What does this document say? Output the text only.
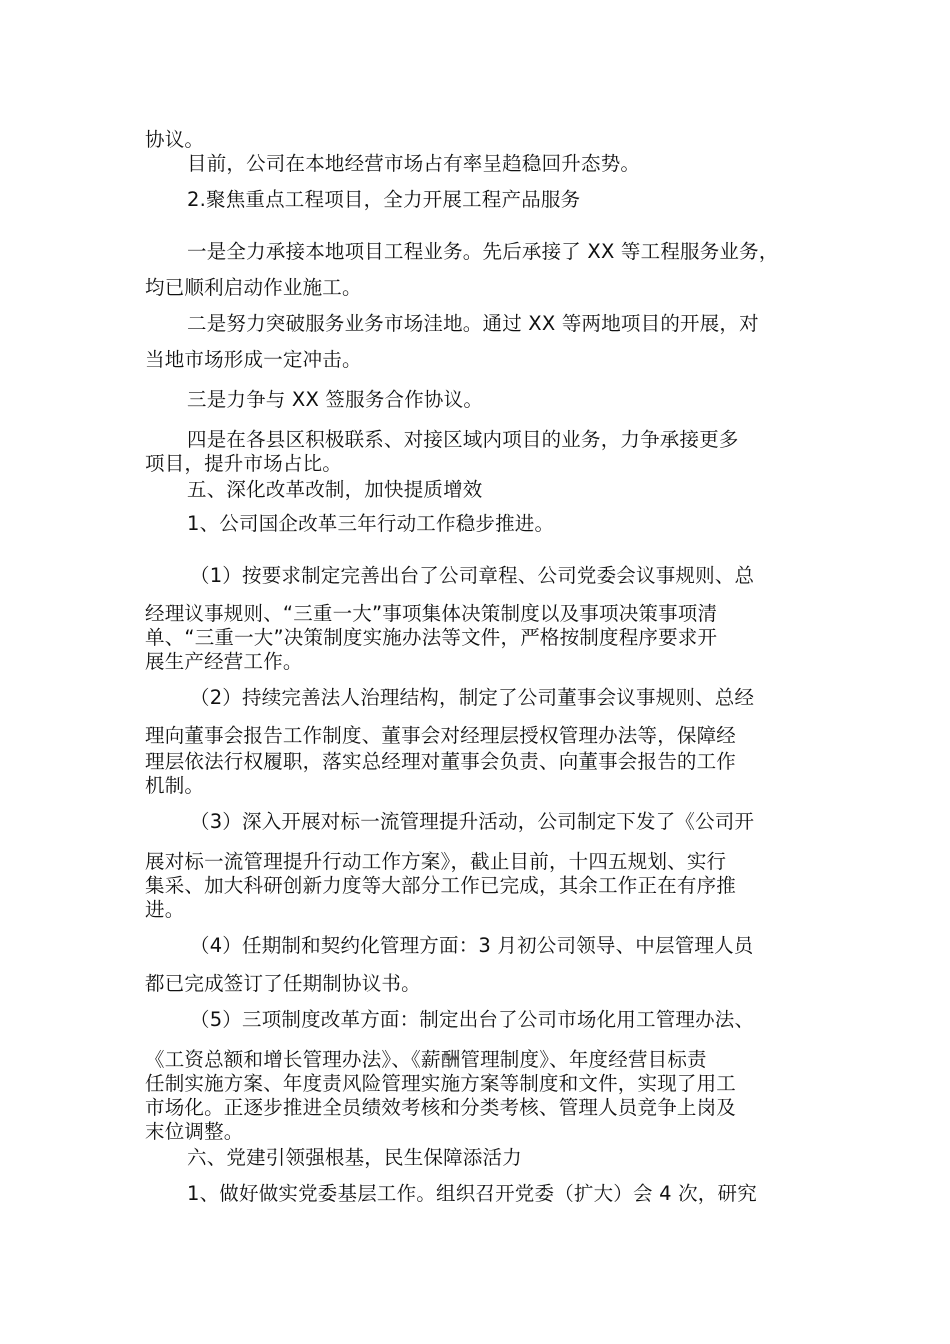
协议。
目前，公司在本地经营市场占有率呈趋稳回升态势。
2.聚焦重点工程项目，全力开展工程产品服务
一是全力承接本地项目工程业务。先后承接了 XX 等工程服务业务，
均已顺利启动作业施工。
二是努力突破服务业务市场洼地。通过 XX 等两地项目的开展，对
当地市场形成一定冲击。
三是力争与 XX 签服务合作协议。
四是在各县区积极联系、对接区域内项目的业务，力争承接更多
项目，提升市场占比。
五、深化改革改制，加快提质增效
1、公司国企改革三年行动工作稳步推进。
（1）按要求制定完善出台了公司章程、公司党委会议事规则、总
经理议事规则、“三重一大”事项集体决策制度以及事项决策事项清
单、“三重一大”决策制度实施办法等文件，严格按制度程序要求开
展生产经营工作。
（2）持续完善法人治理结构，制定了公司董事会议事规则、总经
理向董事会报告工作制度、董事会对经理层授权管理办法等，保障经
理层依法行权履职，落实总经理对董事会负责、向董事会报告的工作
机制。
（3）深入开展对标一流管理提升活动，公司制定下发了《公司开
展对标一流管理提升行动工作方案》，截止目前，十四五规划、实行
集采、加大科研创新力度等大部分工作已完成，其余工作正在有序推
进。
（4）任期制和契约化管理方面：3 月初公司领导、中层管理人员
都已完成签订了任期制协议书。
（5）三项制度改革方面：制定出台了公司市场化用工管理办法、
《工资总额和增长管理办法》、《薪酬管理制度》、年度经营目标责
任制实施方案、年度责风险管理实施方案等制度和文件，实现了用工
市场化。正逐步推进全员绩效考核和分类考核、管理人员竞争上岗及
末位调整。
六、党建引领强根基，民生保障添活力
1、做好做实党委基层工作。组织召开党委（扩大）会 4 次，研究
